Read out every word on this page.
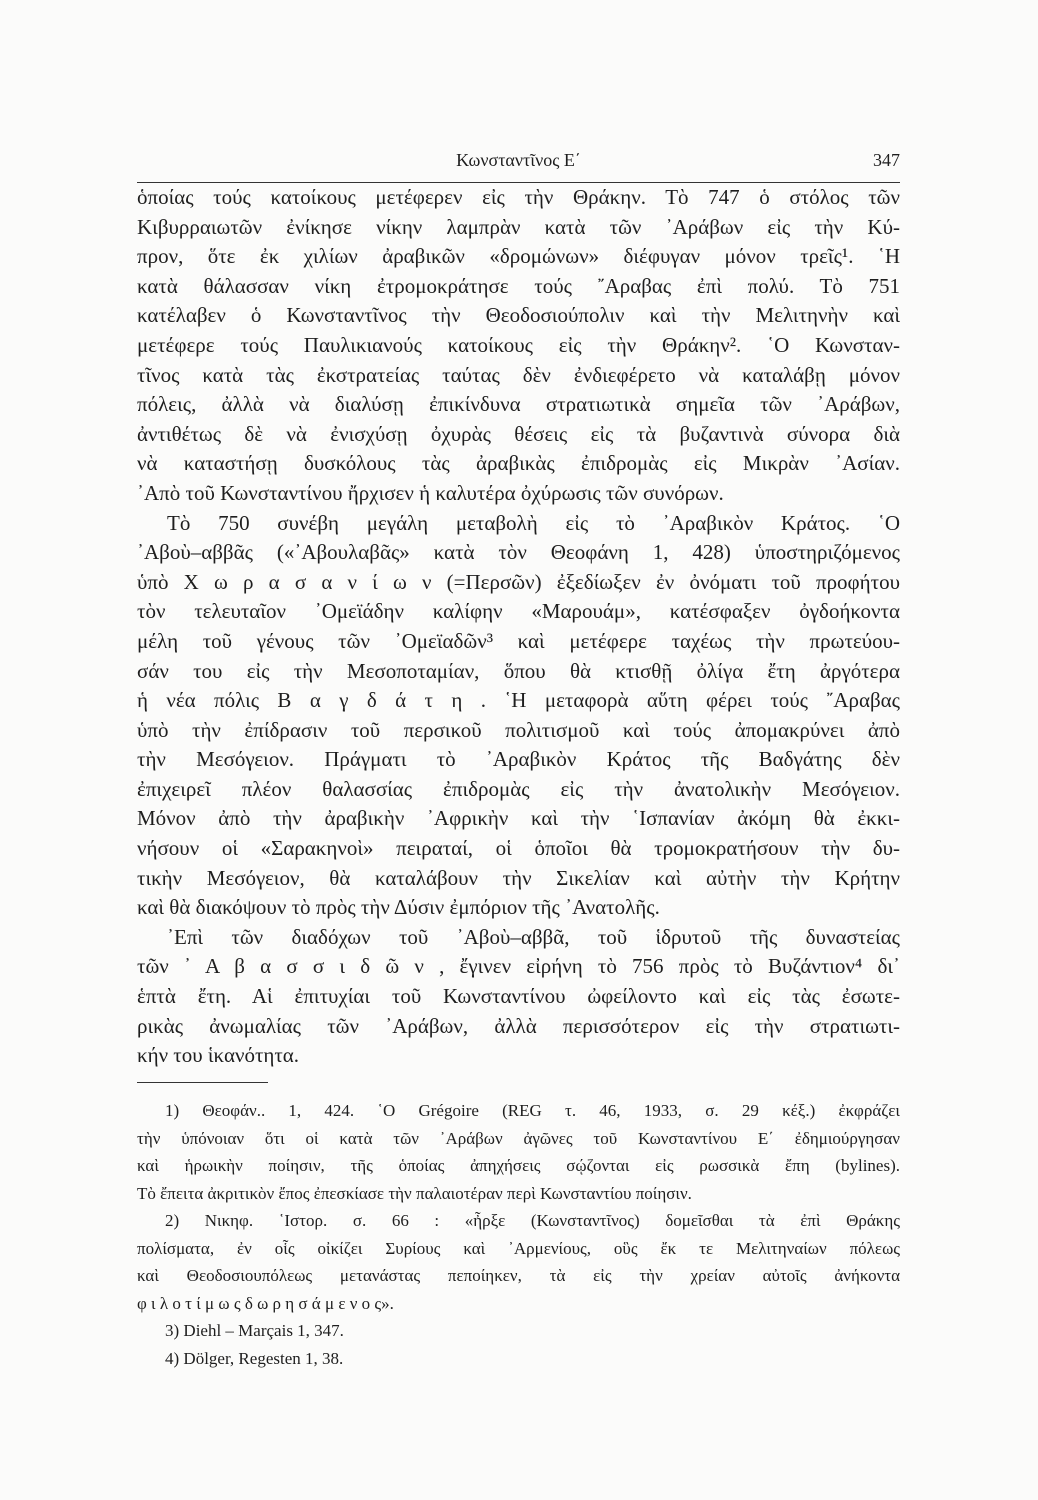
Κωνσταντῖνος Ε΄	347
ὁποίας τούς κατοίκους μετέφερεν εἰς τὴν Θράκην. Τὸ 747 ὁ στόλος τῶν
Κιβυρραιωτῶν ἐνίκησε νίκην λαμπρὰν κατὰ τῶν ᾿Αράβων εἰς τὴν Κύ-
προν, ὅτε ἐκ χιλίων ἀραβικῶν «δρομώνων» διέφυγαν μόνον τρεῖς¹. ῾Η
κατὰ θάλασσαν νίκη ἐτρομοκράτησε τούς ῎Αραβας ἐπὶ πολύ. Τὸ 751
κατέλαβεν ὁ Κωνσταντῖνος τὴν Θεοδοσιούπολιν καὶ τὴν Μελιτηνὴν καὶ
μετέφερε τούς Παυλικιανούς κατοίκους εἰς τὴν Θράκην². ῾Ο Κωνσταν-
τῖνος κατὰ τὰς ἐκστρατείας ταύτας δὲν ἐνδιεφέρετο νὰ καταλάβῃ μόνον
πόλεις, ἀλλὰ νὰ διαλύσῃ ἐπικίνδυνα στρατιωτικὰ σημεῖα τῶν ᾿Αράβων,
ἀντιθέτως δὲ νὰ ἐνισχύσῃ ὀχυρὰς θέσεις εἰς τὰ βυζαντινὰ σύνορα διὰ
νὰ καταστήσῃ δυσκόλους τὰς ἀραβικὰς ἐπιδρομὰς εἰς Μικρὰν ᾿Ασίαν.
᾿Απὸ τοῦ Κωνσταντίνου ἤρχισεν ἡ καλυτέρα ὀχύρωσις τῶν συνόρων.
Τὸ 750 συνέβη μεγάλη μεταβολὴ εἰς τὸ ᾿Αραβικὸν Κράτος. ῾Ο
᾿Αβοὺ–αββᾶς («᾿Αβουλαβᾶς» κατὰ τὸν Θεοφάνη 1, 428) ὑποστηριζόμενος
ὑπὸ Χ ω ρ α σ α ν ί ω ν (=Περσῶν) ἐξεδίωξεν ἐν ὀνόματι τοῦ προφήτου
τὸν τελευταῖον ᾿Ομεϊάδην καλίφην «Μαρουάμ», κατέσφαξεν ὀγδοήκοντα
μέλη τοῦ γένους τῶν ᾿Ομεϊαδῶν³ καὶ μετέφερε ταχέως τὴν πρωτεύου-
σάν του εἰς τὴν Μεσοποταμίαν, ὅπου θὰ κτισθῇ ὀλίγα ἔτη ἀργότερα
ἡ νέα πόλις Β α γ δ ά τ η . ῾Η μεταφορὰ αὕτη φέρει τούς ῎Αραβας
ὑπὸ τὴν ἐπίδρασιν τοῦ περσικοῦ πολιτισμοῦ καὶ τούς ἀπομακρύνει ἀπὸ
τὴν Μεσόγειον. Πράγματι τὸ ᾿Αραβικὸν Κράτος τῆς Βαδγάτης δὲν
ἐπιχειρεῖ πλέον θαλασσίας ἐπιδρομὰς εἰς τὴν ἀνατολικὴν Μεσόγειον.
Μόνον ἀπὸ τὴν ἀραβικὴν ᾿Αφρικὴν καὶ τὴν ῾Ισπανίαν ἀκόμη θὰ ἐκκι-
νήσουν οἱ «Σαρακηνοὶ» πειραταί, οἱ ὁποῖοι θὰ τρομοκρατήσουν τὴν δυ-
τικὴν Μεσόγειον, θὰ καταλάβουν τὴν Σικελίαν καὶ αὐτὴν τὴν Κρήτην
καὶ θὰ διακόψουν τὸ πρὸς τὴν Δύσιν ἐμπόριον τῆς ᾿Ανατολῆς.
᾿Επὶ τῶν διαδόχων τοῦ ᾿Αβοὺ–αββᾶ, τοῦ ἱδρυτοῦ τῆς δυναστείας
τῶν ᾿ Α β α σ σ ι δ ῶ ν , ἔγινεν εἰρήνη τὸ 756 πρὸς τὸ Βυζάντιον⁴ δι᾿
ἑπτὰ ἔτη. Αἱ ἐπιτυχίαι τοῦ Κωνσταντίνου ὠφείλοντο καὶ εἰς τὰς ἐσωτε-
ρικὰς ἀνωμαλίας τῶν ᾿Αράβων, ἀλλὰ περισσότερον εἰς τὴν στρατιωτι-
κήν του ἱκανότητα.
1) Θεοφάν.. 1, 424. ῾Ο Grégoire (REG τ. 46, 1933, σ. 29 κέξ.) ἐκφράζει
τὴν ὑπόνοιαν ὅτι οἱ κατὰ τῶν ᾿Αράβων ἀγῶνες τοῦ Κωνσταντίνου Ε΄ ἐδημιούργησαν
καὶ ἡρωικὴν ποίησιν, τῆς ὁποίας ἀπηχήσεις σῴζονται εἰς ρωσσικὰ ἔπη (bylines).
Τὸ ἔπειτα ἀκριτικὸν ἔπος ἐπεσκίασε τὴν παλαιοτέραν περὶ Κωνσταντίου ποίησιν.
2) Νικηφ. ῾Ιστορ. σ. 66 : «ἦρξε (Κωνσταντῖνος) δομεῖσθαι τὰ ἐπὶ Θράκης
πολίσματα, ἐν οἷς οἰκίζει Συρίους καὶ ᾿Αρμενίους, οὓς ἔκ τε Μελιτηναίων πόλεως
καὶ Θεοδοσιουπόλεως μετανάστας πεποίηκεν, τὰ εἰς τὴν χρείαν αὐτοῖς ἀνήκοντα
φ ι λ ο τ ί μ ω ς δ ω ρ η σ ά μ ε ν ο ς».
3) Diehl – Marçais 1, 347.
4) Dölger, Regesten 1, 38.
